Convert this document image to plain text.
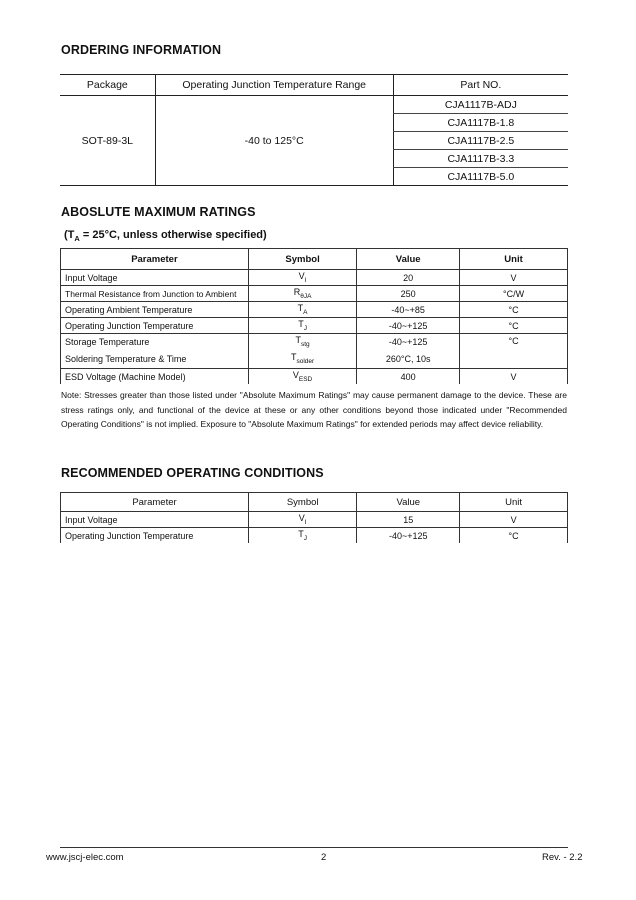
ORDERING INFORMATION
Package	Operating Junction Temperature Range	Part NO.
SOT-89-3L	-40 to 125°C	CJA1117B-ADJ
		CJA1117B-1.8
		CJA1117B-2.5
		CJA1117B-3.3
		CJA1117B-5.0
ABOSLUTE MAXIMUM RATINGS
($T_A = 25^\circ C$, unless otherwise specified)
Parameter	Symbol	Value	Unit
Input Voltage	$V_I$	20	V
Thermal Resistance from Junction to Ambient	$R_{\theta JA}$	250	°C/W
Operating Ambient Temperature	$T_A$	-40~+85	°C
Operating Junction Temperature	$T_J$	-40~+125	°C
Storage Temperature	$T_{stg}$	-40~+125	°C
Soldering Temperature & Time	$T_{solder}$	260°C, 10s	
ESD Voltage (Machine Model)	$V_{ESD}$	400	V
Note: Stresses greater than those listed under "Absolute Maximum Ratings" may cause permanent damage to the device. These are stress ratings only, and functional of the device at these or any other conditions beyond those indicated under "Recommended Operating Conditions" is not implied. Exposure to "Absolute Maximum Ratings" for extended periods may affect device reliability.
RECOMMENDED OPERATING CONDITIONS
Parameter	Symbol	Value	Unit
Input Voltage	$V_I$	15	V
Operating Junction Temperature	$T_J$	-40~+125	°C
www.jscj-elec.com	2	Rev. - 2.2
